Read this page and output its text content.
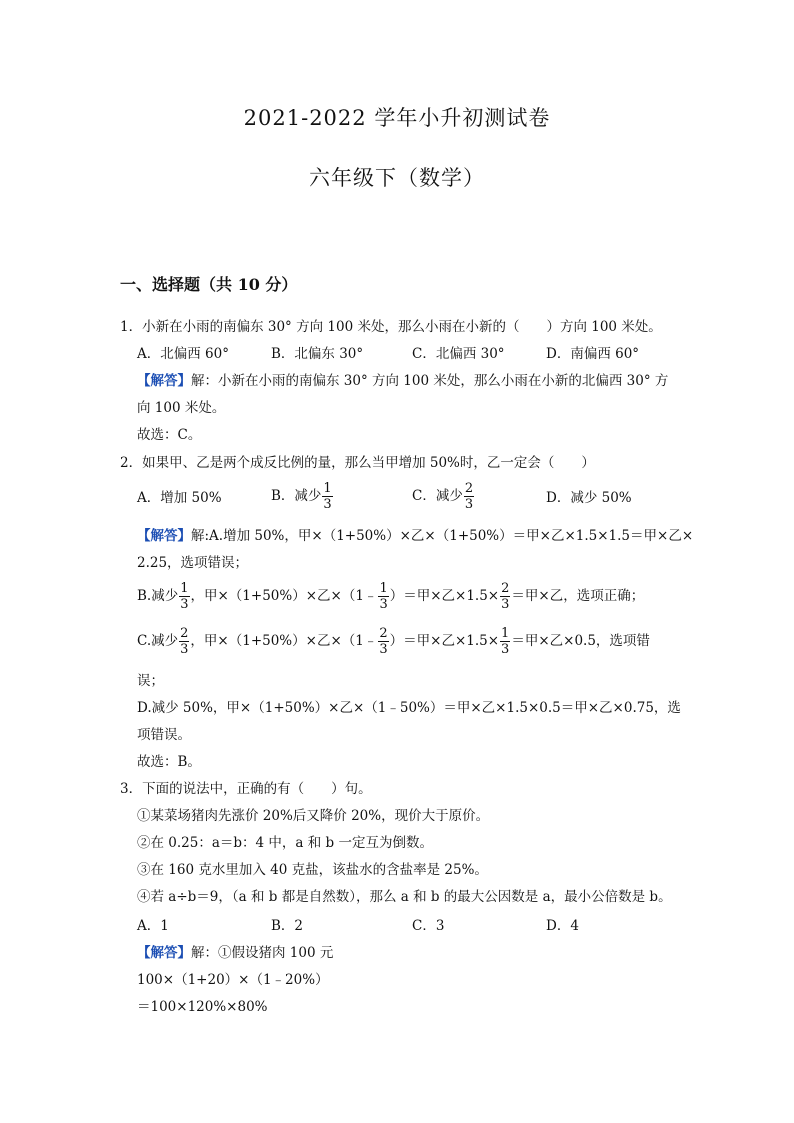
2021-2022 学年小升初测试卷
六年级下（数学）
一、选择题（共 10 分）
1．小新在小雨的南偏东 30° 方向 100 米处，那么小雨在小新的（　　）方向 100 米处。
A．北偏西 60°	B．北偏东 30°	C．北偏西 30°	D．南偏西 60°
【解答】解：小新在小雨的南偏东 30° 方向 100 米处，那么小雨在小新的北偏西 30° 方
向 100 米处。
故选：C。
2．如果甲、乙是两个成反比例的量，那么当甲增加 50%时，乙一定会（　　）
A．增加 50%	B．减少 $\frac{1}{3}$	C．减少 $\frac{2}{3}$	D．减少 50%
【解答】解:A.增加 50%，甲×（1+50%）×乙×（1+50%）＝甲×乙×1.5×1.5＝甲×乙×
2.25，选项错误；
B.减少 $\frac{1}{3}$ ，甲×（1+50%）×乙×（1﹣ $\frac{1}{3}$ ）＝甲×乙$\times 1.5\times \frac{2}{3}$ ＝甲×乙，选项正确；
C.减少 $\frac{2}{3}$ ，甲×（1+50%）×乙×（1﹣ $\frac{2}{3}$ ）＝甲×乙$\times 1.5\times \frac{1}{3}$ ＝甲×乙×0.5，选项错
误；
D.减少 50%，甲×（1+50%）×乙×（1﹣50%）＝甲×乙×1.5×0.5＝甲×乙×0.75，选
项错误。
故选：B。
3．下面的说法中，正确的有（　　）句。
①某菜场猪肉先涨价 20%后又降价 20%，现价大于原价。
②在 0.25：a＝b：4 中，a 和 b 一定互为倒数。
③在 160 克水里加入 40 克盐，该盐水的含盐率是 25%。
④若 a÷b＝9，（a 和 b 都是自然数），那么 a 和 b 的最大公因数是 a，最小公倍数是 b。
A．1	B．2	C．3	D．4
【解答】解：①假设猪肉 100 元
100×（1+20）×（1﹣20%）
＝100×120%×80%
